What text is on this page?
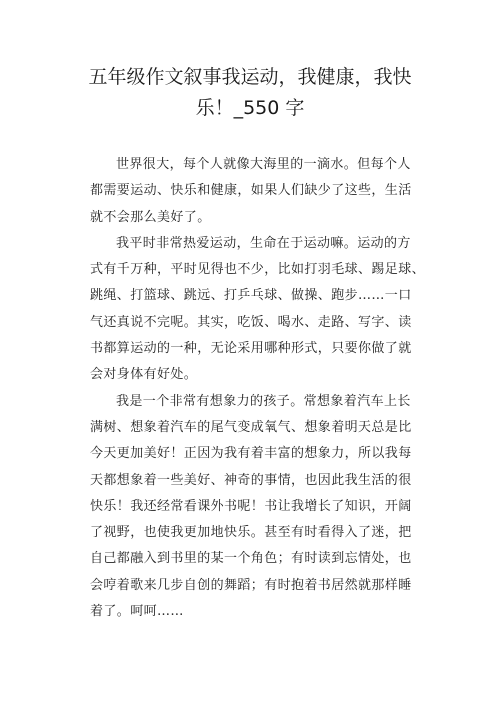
五年级作文叙事我运动，我健康，我快
乐！_550 字
世界很大，每个人就像大海里的一滴水。但每个人
都需要运动、快乐和健康，如果人们缺少了这些，生活
就不会那么美好了。
我平时非常热爱运动，生命在于运动嘛。运动的方
式有千万种，平时见得也不少，比如打羽毛球、踢足球、
跳绳、打篮球、跳远、打乒乓球、做操、跑步……一口
气还真说不完呢。其实，吃饭、喝水、走路、写字、读
书都算运动的一种，无论采用哪种形式，只要你做了就
会对身体有好处。
我是一个非常有想象力的孩子。常想象着汽车上长
满树、想象着汽车的尾气变成氧气、想象着明天总是比
今天更加美好！正因为我有着丰富的想象力，所以我每
天都想象着一些美好、神奇的事情，也因此我生活的很
快乐！我还经常看课外书呢！书让我增长了知识，开阔
了视野，也使我更加地快乐。甚至有时看得入了迷，把
自己都融入到书里的某一个角色；有时读到忘情处，也
会哼着歌来几步自创的舞蹈；有时抱着书居然就那样睡
着了。呵呵……
